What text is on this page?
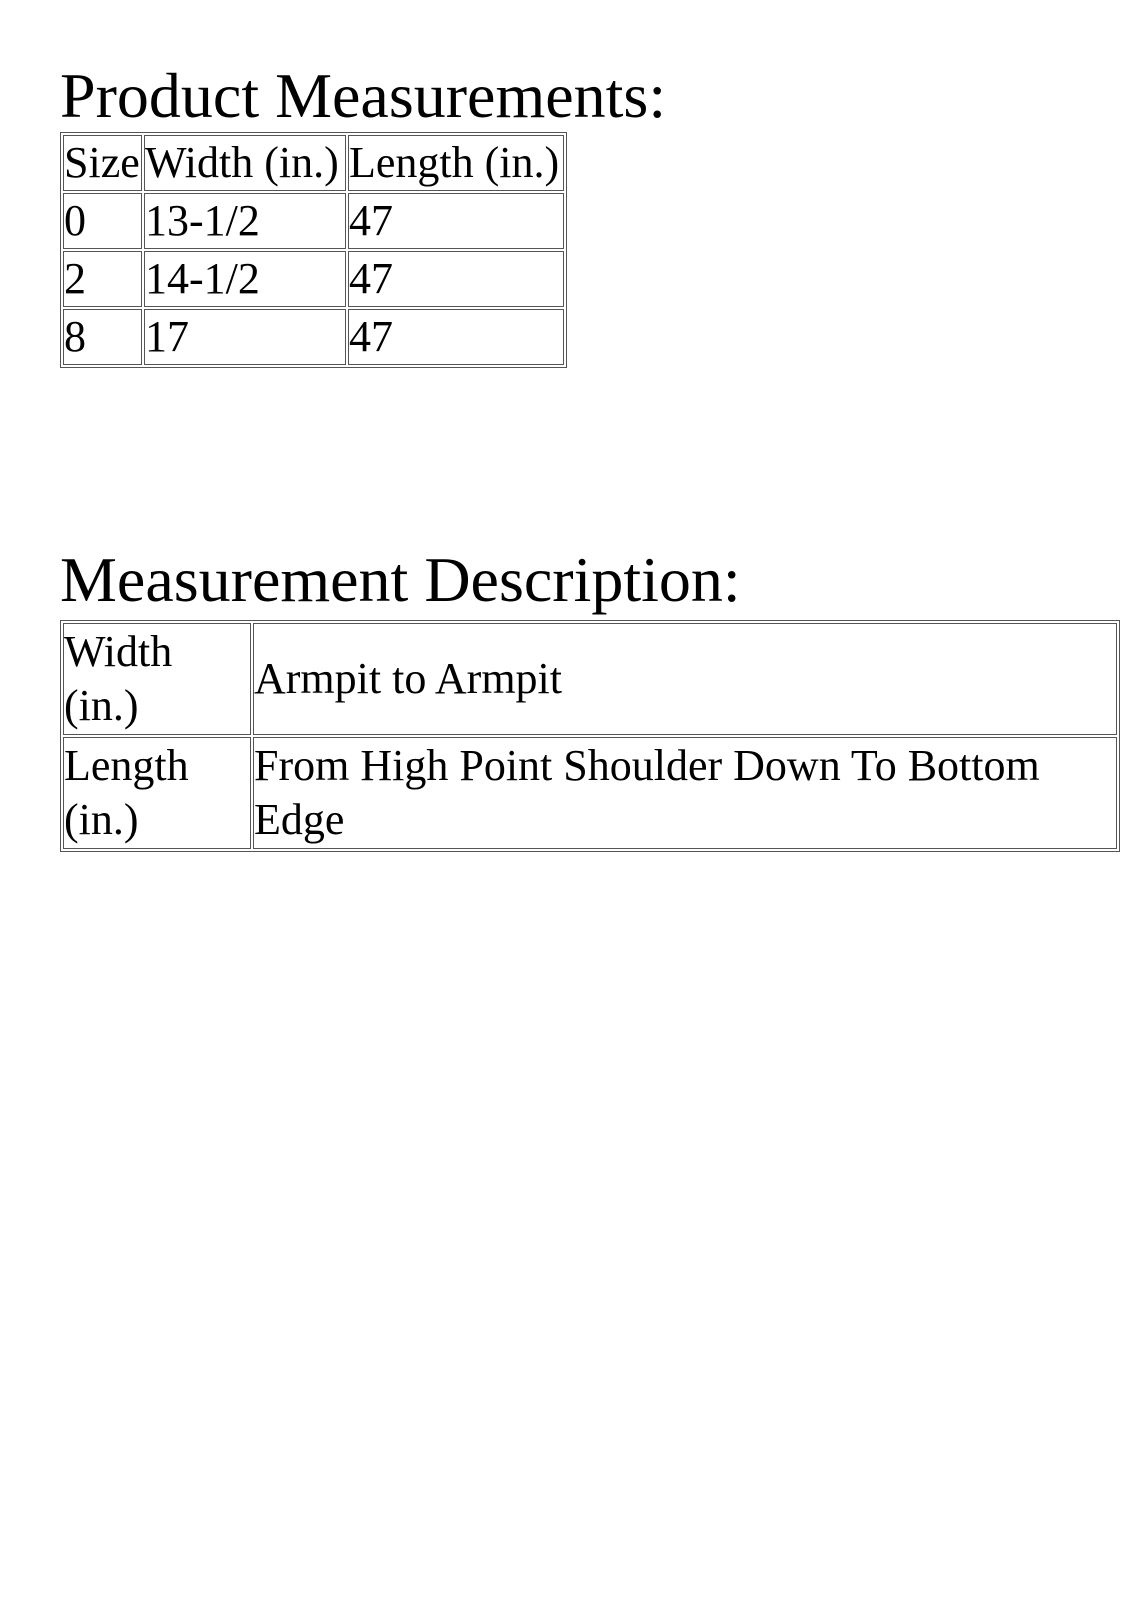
Product Measurements:
Size	Width (in.)	Length (in.)
0	13-1/2	47
2	14-1/2	47
8	17	47
Measurement Description:
Width (in.)	Armpit to Armpit
Length (in.)	From High Point Shoulder Down To Bottom Edge
